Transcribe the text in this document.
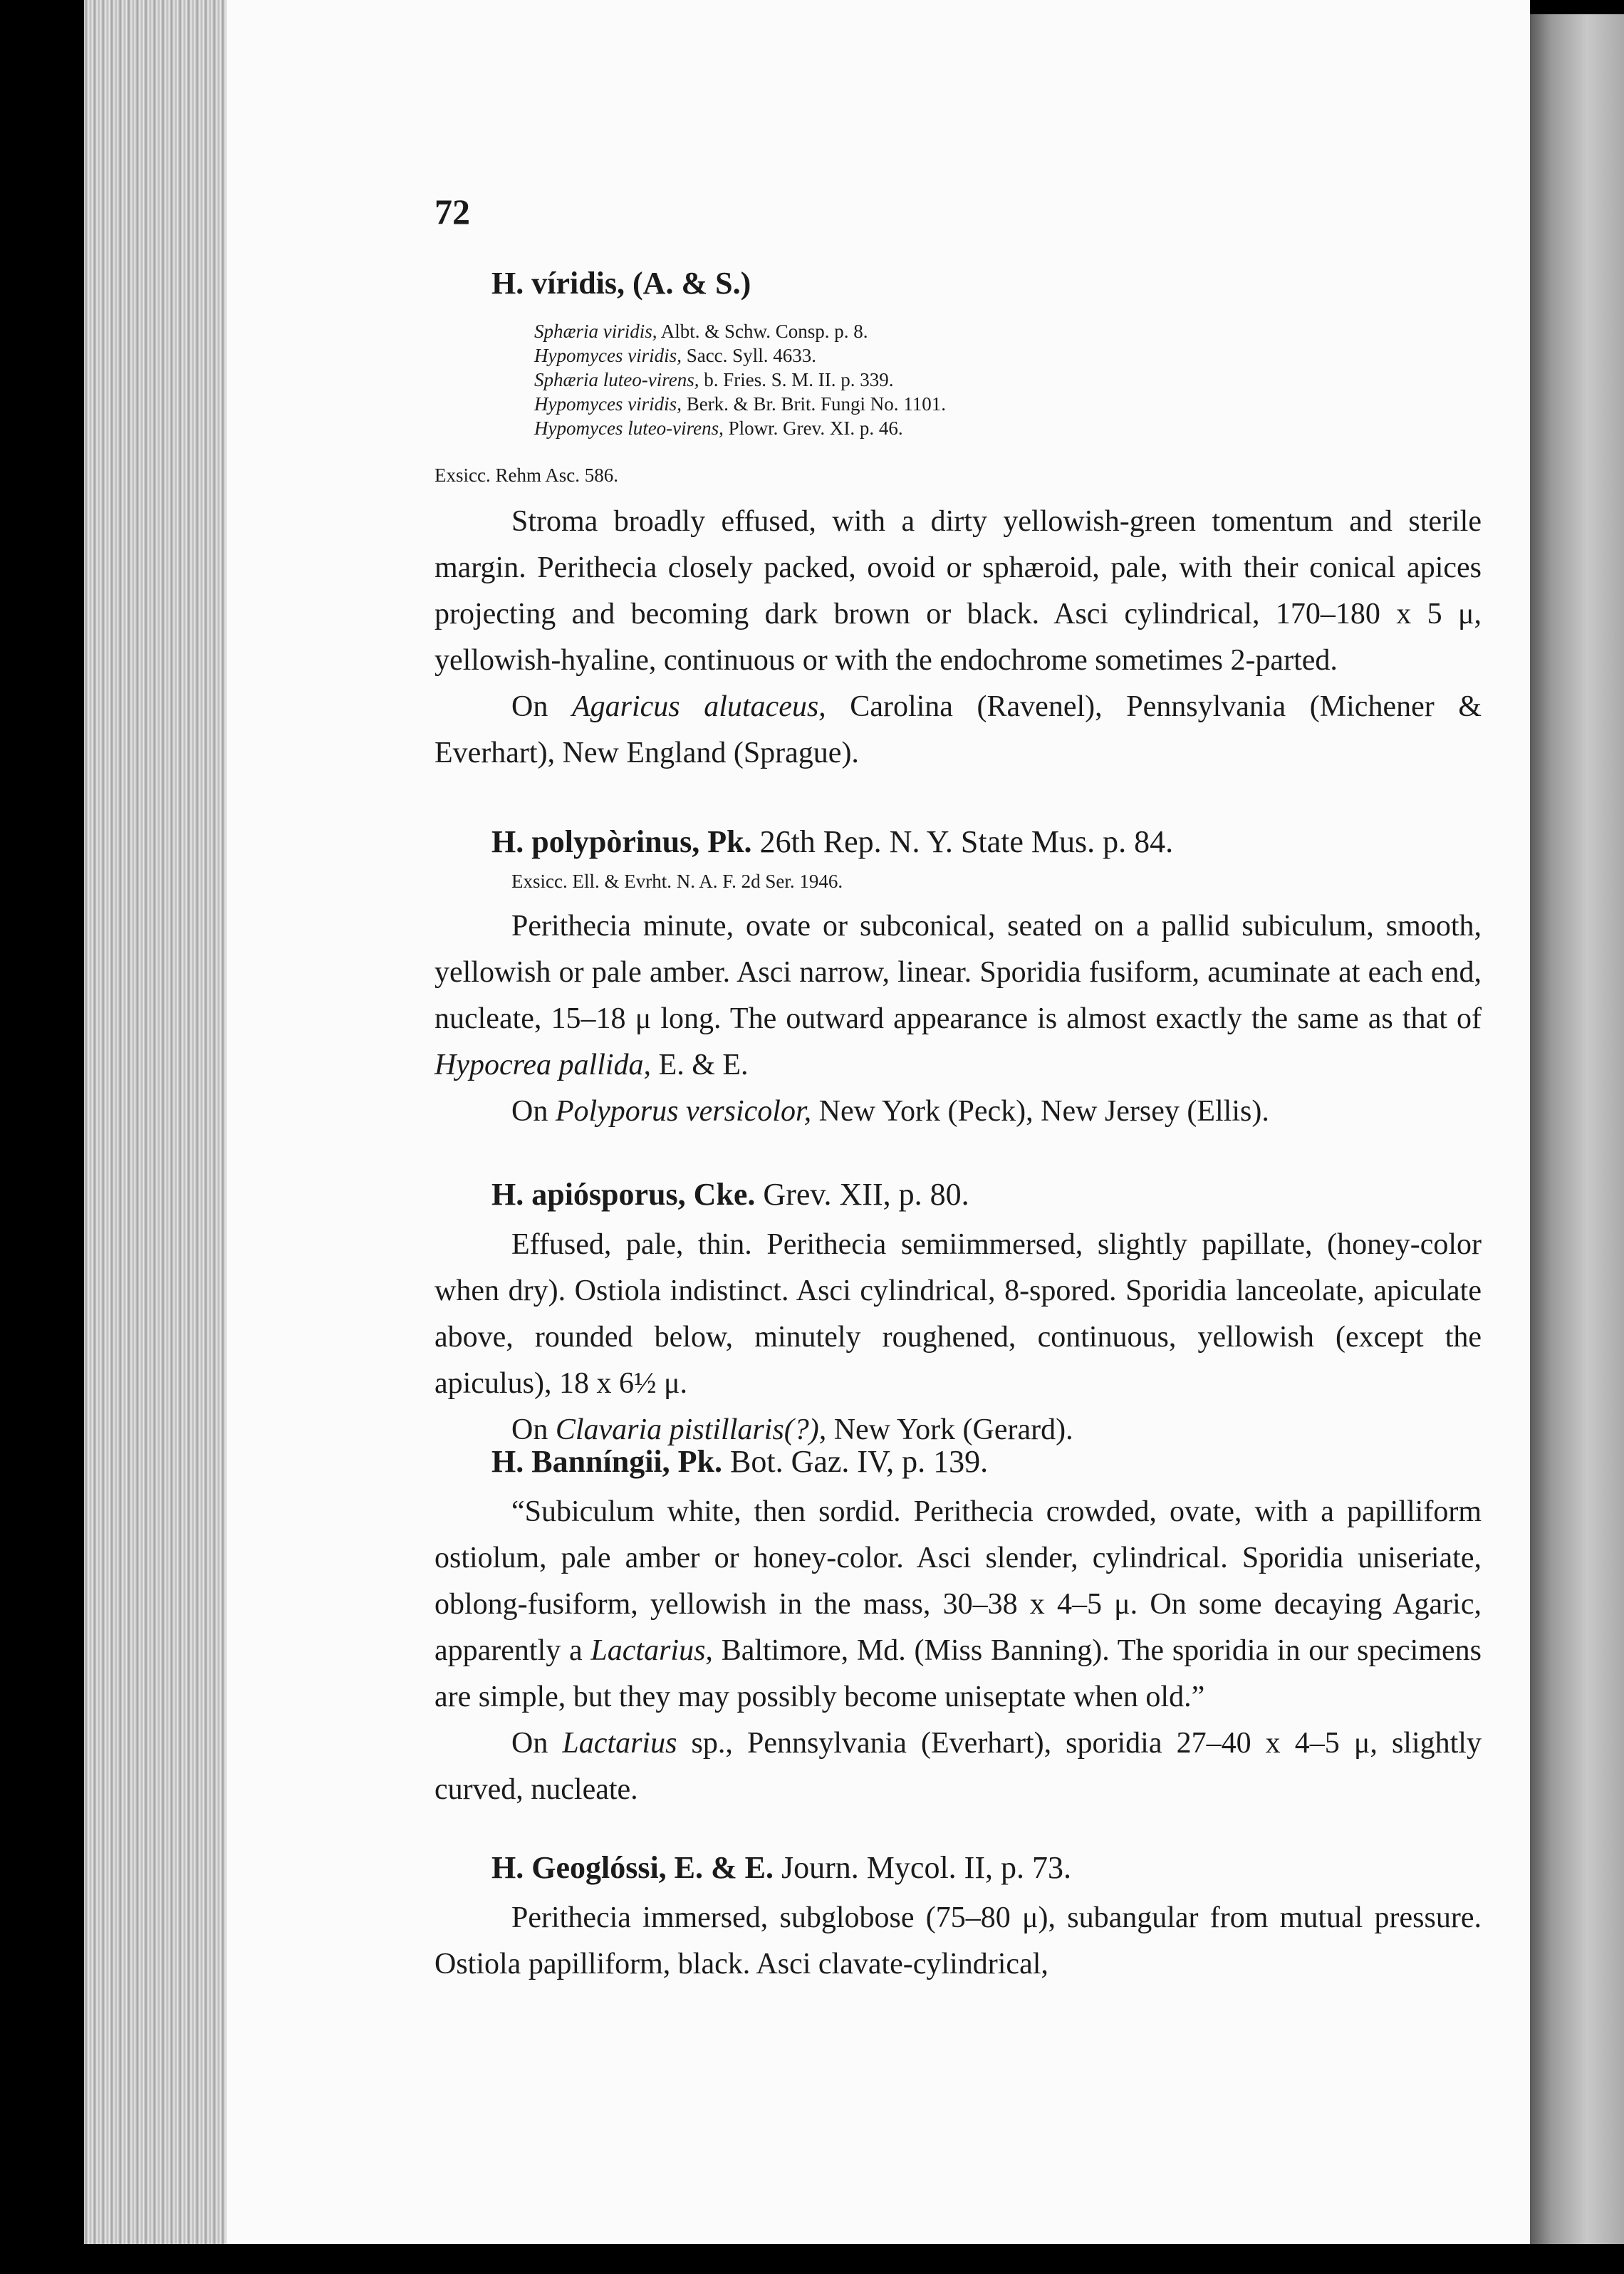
72

H. víridis, (A. & S.)

Sphæria viridis, Albt. & Schw. Consp. p. 8.

Hypomyces viridis, Sacc. Syll. 4633.

Sphæria luteo-virens, b. Fries. S. M. II. p. 339.

Hypomyces viridis, Berk. & Br. Brit. Fungi No. 1101.

Hypomyces luteo-virens, Plowr. Grev. XI. p. 46.

Exsicc. Rehm Asc. 586.

Stroma broadly effused, with a dirty yellowish-green tomentum and sterile margin. Perithecia closely packed, ovoid or sphæroid, pale, with their conical apices projecting and becoming dark brown or black. Asci cylindrical, 170–180 x 5 μ, yellowish-hyaline, continuous or with the endochrome sometimes 2-parted.

On Agaricus alutaceus, Carolina (Ravenel), Pennsylvania (Michener & Everhart), New England (Sprague).

H. polypòrinus, Pk. 26th Rep. N. Y. State Mus. p. 84.

Exsicc. Ell. & Evrht. N. A. F. 2d Ser. 1946.

Perithecia minute, ovate or subconical, seated on a pallid subiculum, smooth, yellowish or pale amber. Asci narrow, linear. Sporidia fusiform, acuminate at each end, nucleate, 15–18 μ long. The outward appearance is almost exactly the same as that of Hypocrea pallida, E. & E.

On Polyporus versicolor, New York (Peck), New Jersey (Ellis).

H. apiósporus, Cke. Grev. XII, p. 80.

Effused, pale, thin. Perithecia semiimmersed, slightly papillate, (honey-color when dry). Ostiola indistinct. Asci cylindrical, 8-spored. Sporidia lanceolate, apiculate above, rounded below, minutely roughened, continuous, yellowish (except the apiculus), 18 x 6½ μ.

On Clavaria pistillaris(?), New York (Gerard).

H. Banníngii, Pk. Bot. Gaz. IV, p. 139.

“Subiculum white, then sordid. Perithecia crowded, ovate, with a papilliform ostiolum, pale amber or honey-color. Asci slender, cylindrical. Sporidia uniseriate, oblong-fusiform, yellowish in the mass, 30–38 x 4–5 μ. On some decaying Agaric, apparently a Lactarius, Baltimore, Md. (Miss Banning). The sporidia in our specimens are simple, but they may possibly become uniseptate when old.”

On Lactarius sp., Pennsylvania (Everhart), sporidia 27–40 x 4–5 μ, slightly curved, nucleate.

H. Geoglóssi, E. & E. Journ. Mycol. II, p. 73.

Perithecia immersed, subglobose (75–80 μ), subangular from mutual pressure. Ostiola papilliform, black. Asci clavate-cylindrical,
